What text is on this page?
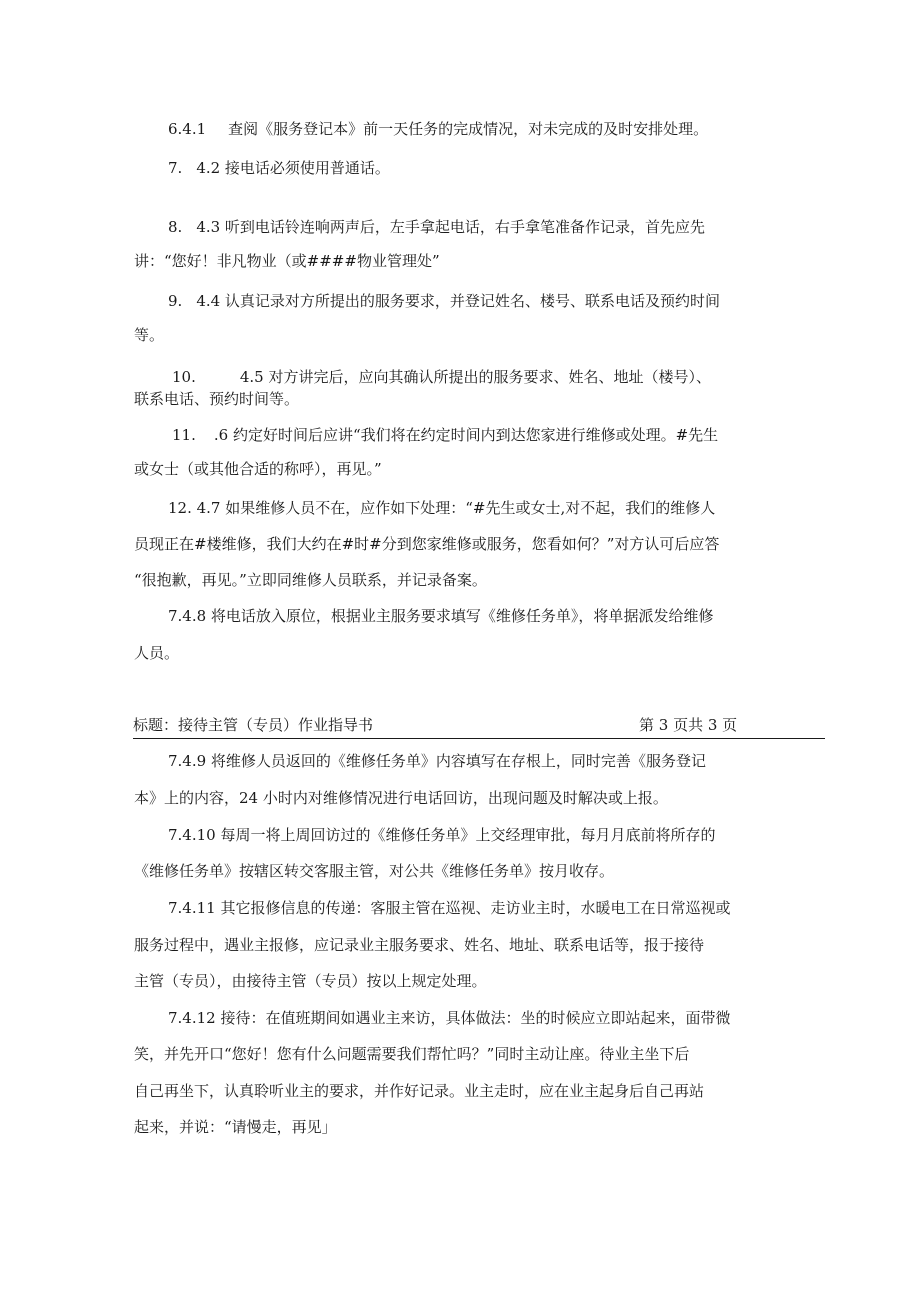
6.4.1 查阅《服务登记本》前一天任务的完成情况，对未完成的及时安排处理。
7. 4.2 接电话必须使用普通话。
8. 4.3 听到电话铃连响两声后，左手拿起电话，右手拿笔准备作记录，首先应先
讲：“您好！非凡物业（或####物业管理处”
9. 4.4 认真记录对方所提出的服务要求，并登记姓名、楼号、联系电话及预约时间
等。
10.	4.5 对方讲完后，应向其确认所提出的服务要求、姓名、地址（楼号）、
联系电话、预约时间等。
11. .6 约定好时间后应讲“我们将在约定时间内到达您家进行维修或处理。#先生
或女士（或其他合适的称呼），再见。”
12. 4.7 如果维修人员不在，应作如下处理：“#先生或女士,对不起，我们的维修人
员现正在#楼维修，我们大约在#时#分到您家维修或服务，您看如何？”对方认可后应答
“很抱歉，再见。”立即同维修人员联系，并记录备案。
7.4.8 将电话放入原位，根据业主服务要求填写《维修任务单》，将单据派发给维修
人员。
标题：接待主管（专员）作业指导书	第 3 页共 3 页
7.4.9 将维修人员返回的《维修任务单》内容填写在存根上，同时完善《服务登记
本》上的内容，24 小时内对维修情况进行电话回访，出现问题及时解决或上报。
7.4.10 每周一将上周回访过的《维修任务单》上交经理审批，每月月底前将所存的
《维修任务单》按辖区转交客服主管，对公共《维修任务单》按月收存。
7.4.11 其它报修信息的传递：客服主管在巡视、走访业主时，水暖电工在日常巡视或
服务过程中，遇业主报修，应记录业主服务要求、姓名、地址、联系电话等，报于接待
主管（专员），由接待主管（专员）按以上规定处理。
7.4.12 接待：在值班期间如遇业主来访，具体做法：坐的时候应立即站起来，面带微
笑，并先开口“您好！您有什么问题需要我们帮忙吗？”同时主动让座。待业主坐下后
自己再坐下，认真聆听业主的要求，并作好记录。业主走时，应在业主起身后自己再站
起来，并说：“请慢走，再见」
